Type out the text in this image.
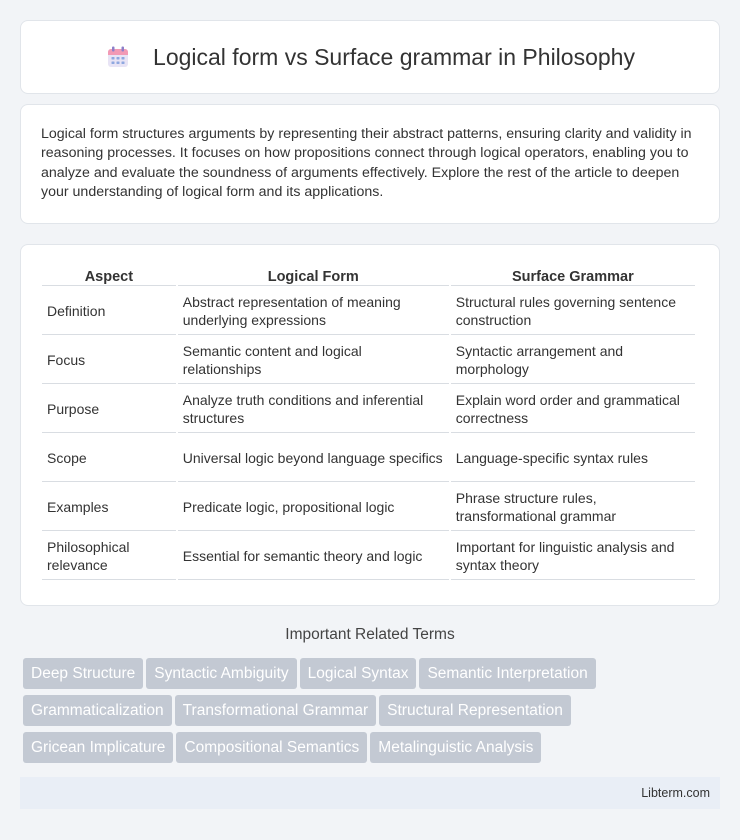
Logical form vs Surface grammar in Philosophy

Logical form structures arguments by representing their abstract patterns, ensuring clarity and validity in reasoning processes. It focuses on how propositions connect through logical operators, enabling you to analyze and evaluate the soundness of arguments effectively. Explore the rest of the article to deepen your understanding of logical form and its applications.

Aspect	Logical Form	Surface Grammar
Definition	Abstract representation of meaning underlying expressions	Structural rules governing sentence construction
Focus	Semantic content and logical relationships	Syntactic arrangement and morphology
Purpose	Analyze truth conditions and inferential structures	Explain word order and grammatical correctness
Scope	Universal logic beyond language specifics	Language-specific syntax rules
Examples	Predicate logic, propositional logic	Phrase structure rules, transformational grammar
Philosophical relevance	Essential for semantic theory and logic	Important for linguistic analysis and syntax theory
Important Related Terms
Deep Structure Syntactic Ambiguity Logical Syntax Semantic Interpretation
Grammaticalization Transformational Grammar Structural Representation
Gricean Implicature Compositional Semantics Metalinguistic Analysis
Libterm.com
